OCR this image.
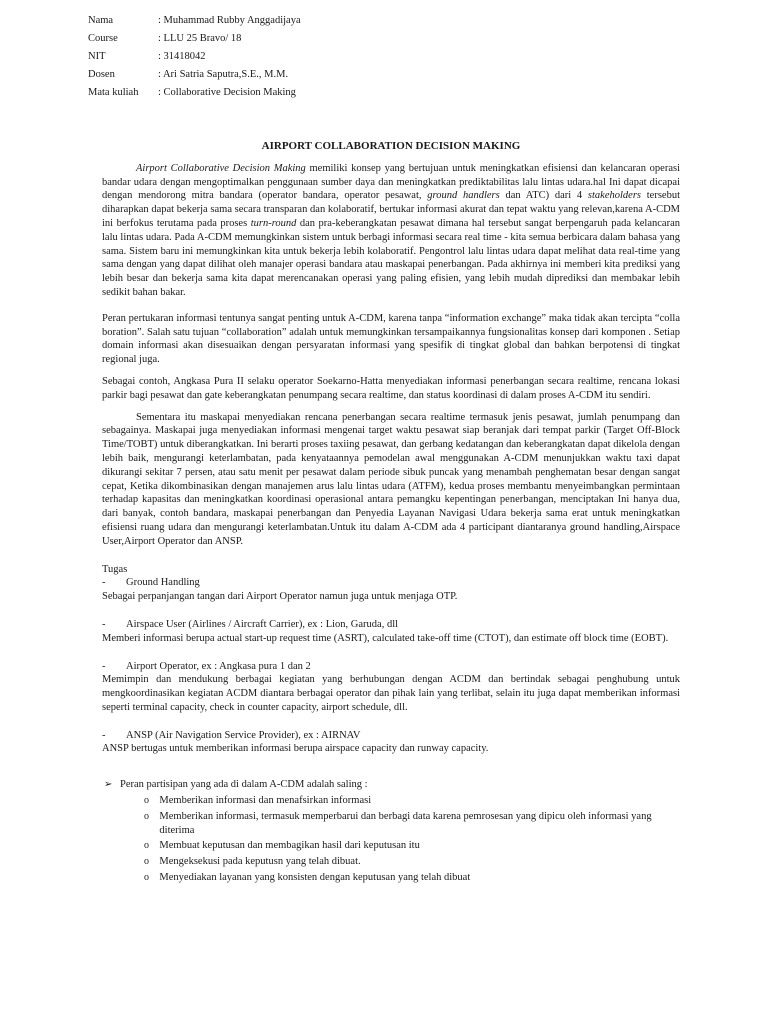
Nama	: Muhammad Rubby Anggadijaya
Course	: LLU 25 Bravo/ 18
NIT	: 31418042
Dosen	: Ari Satria Saputra,S.E., M.M.
Mata kuliah	: Collaborative Decision Making
AIRPORT COLLABORATION DECISION MAKING

Airport Collaborative Decision Making memiliki konsep yang bertujuan untuk meningkatkan efisiensi dan kelancaran operasi bandar udara dengan mengoptimalkan penggunaan sumber daya dan meningkatkan prediktabilitas lalu lintas udara.hal Ini dapat dicapai dengan mendorong mitra bandara (operator bandara, operator pesawat, ground handlers dan ATC) dari 4 stakeholders tersebut diharapkan dapat bekerja sama secara transparan dan kolaboratif, bertukar informasi akurat dan tepat waktu yang relevan,karena A-CDM ini berfokus terutama pada proses turn-round dan pra-keberangkatan pesawat dimana hal tersebut sangat berpengaruh pada kelancaran lalu lintas udara. Pada A-CDM memungkinkan sistem untuk berbagi informasi secara real time - kita semua berbicara dalam bahasa yang sama. Sistem baru ini memungkinkan kita untuk bekerja lebih kolaboratif. Pengontrol lalu lintas udara dapat melihat data real-time yang sama dengan yang dapat dilihat oleh manajer operasi bandara atau maskapai penerbangan. Pada akhirnya ini memberi kita prediksi yang lebih besar dan bekerja sama kita dapat merencanakan operasi yang paling efisien, yang lebih mudah diprediksi dan membakar lebih sedikit bahan bakar.

Peran pertukaran informasi tentunya sangat penting untuk A-CDM, karena tanpa “information exchange” maka tidak akan tercipta “colla boration”. Salah satu tujuan “collaboration” adalah untuk memungkinkan tersampaikannya fungsionalitas konsep dari komponen . Setiap domain informasi akan disesuaikan dengan persyaratan informasi yang spesifik di tingkat global dan bahkan berpotensi di tingkat regional juga.

Sebagai contoh, Angkasa Pura II selaku operator Soekarno-Hatta menyediakan informasi penerbangan secara realtime, rencana lokasi parkir bagi pesawat dan gate keberangkatan penumpang secara realtime, dan status koordinasi di dalam proses A-CDM itu sendiri.

Sementara itu maskapai menyediakan rencana penerbangan secara realtime termasuk jenis pesawat, jumlah penumpang dan sebagainya. Maskapai juga menyediakan informasi mengenai target waktu pesawat siap beranjak dari tempat parkir (Target Off-Block Time/TOBT) untuk diberangkatkan. Ini berarti proses taxiing pesawat, dan gerbang kedatangan dan keberangkatan dapat dikelola dengan lebih baik, mengurangi keterlambatan, pada kenyataannya pemodelan awal menggunakan A-CDM menunjukkan waktu taxi dapat dikurangi sekitar 7 persen, atau satu menit per pesawat dalam periode sibuk puncak yang menambah penghematan besar dengan sangat cepat, Ketika dikombinasikan dengan manajemen arus lalu lintas udara (ATFM), kedua proses membantu menyeimbangkan permintaan terhadap kapasitas dan meningkatkan koordinasi operasional antara pemangku kepentingan penerbangan, menciptakan Ini hanya dua, dari banyak, contoh bandara, maskapai penerbangan dan Penyedia Layanan Navigasi Udara bekerja sama erat untuk meningkatkan efisiensi ruang udara dan mengurangi keterlambatan.Untuk itu dalam A-CDM ada 4 participant diantaranya ground handling,Airspace User,Airport Operator dan ANSP.

Tugas
-	Ground Handling

Sebagai perpanjangan tangan dari Airport Operator namun juga untuk menjaga OTP.

-	Airspace User (Airlines / Aircraft Carrier), ex : Lion, Garuda, dll

Memberi informasi berupa actual start-up request time (ASRT), calculated take-off time (CTOT), dan estimate off block time (EOBT).

-	Airport Operator, ex : Angkasa pura 1 dan 2

Memimpin dan mendukung berbagai kegiatan yang berhubungan dengan ACDM dan bertindak sebagai penghubung untuk mengkoordinasikan kegiatan ACDM diantara berbagai operator dan pihak lain yang terlibat, selain itu juga dapat memberikan informasi seperti terminal capacity, check in counter capacity, airport schedule, dll.

-	ANSP (Air Navigation Service Provider), ex : AIRNAV

ANSP bertugas untuk memberikan informasi berupa airspace capacity dan runway capacity.

➢ Peran partisipan yang ada di dalam A-CDM adalah saling :
o Memberikan informasi dan menafsirkan informasi
o Memberikan informasi, termasuk memperbarui dan berbagi data karena pemrosesan yang dipicu oleh informasi yang diterima
o Membuat keputusan dan membagikan hasil dari keputusan itu
o Mengeksekusi pada keputusn yang telah dibuat.
o Menyediakan layanan yang konsisten dengan keputusan yang telah dibuat
